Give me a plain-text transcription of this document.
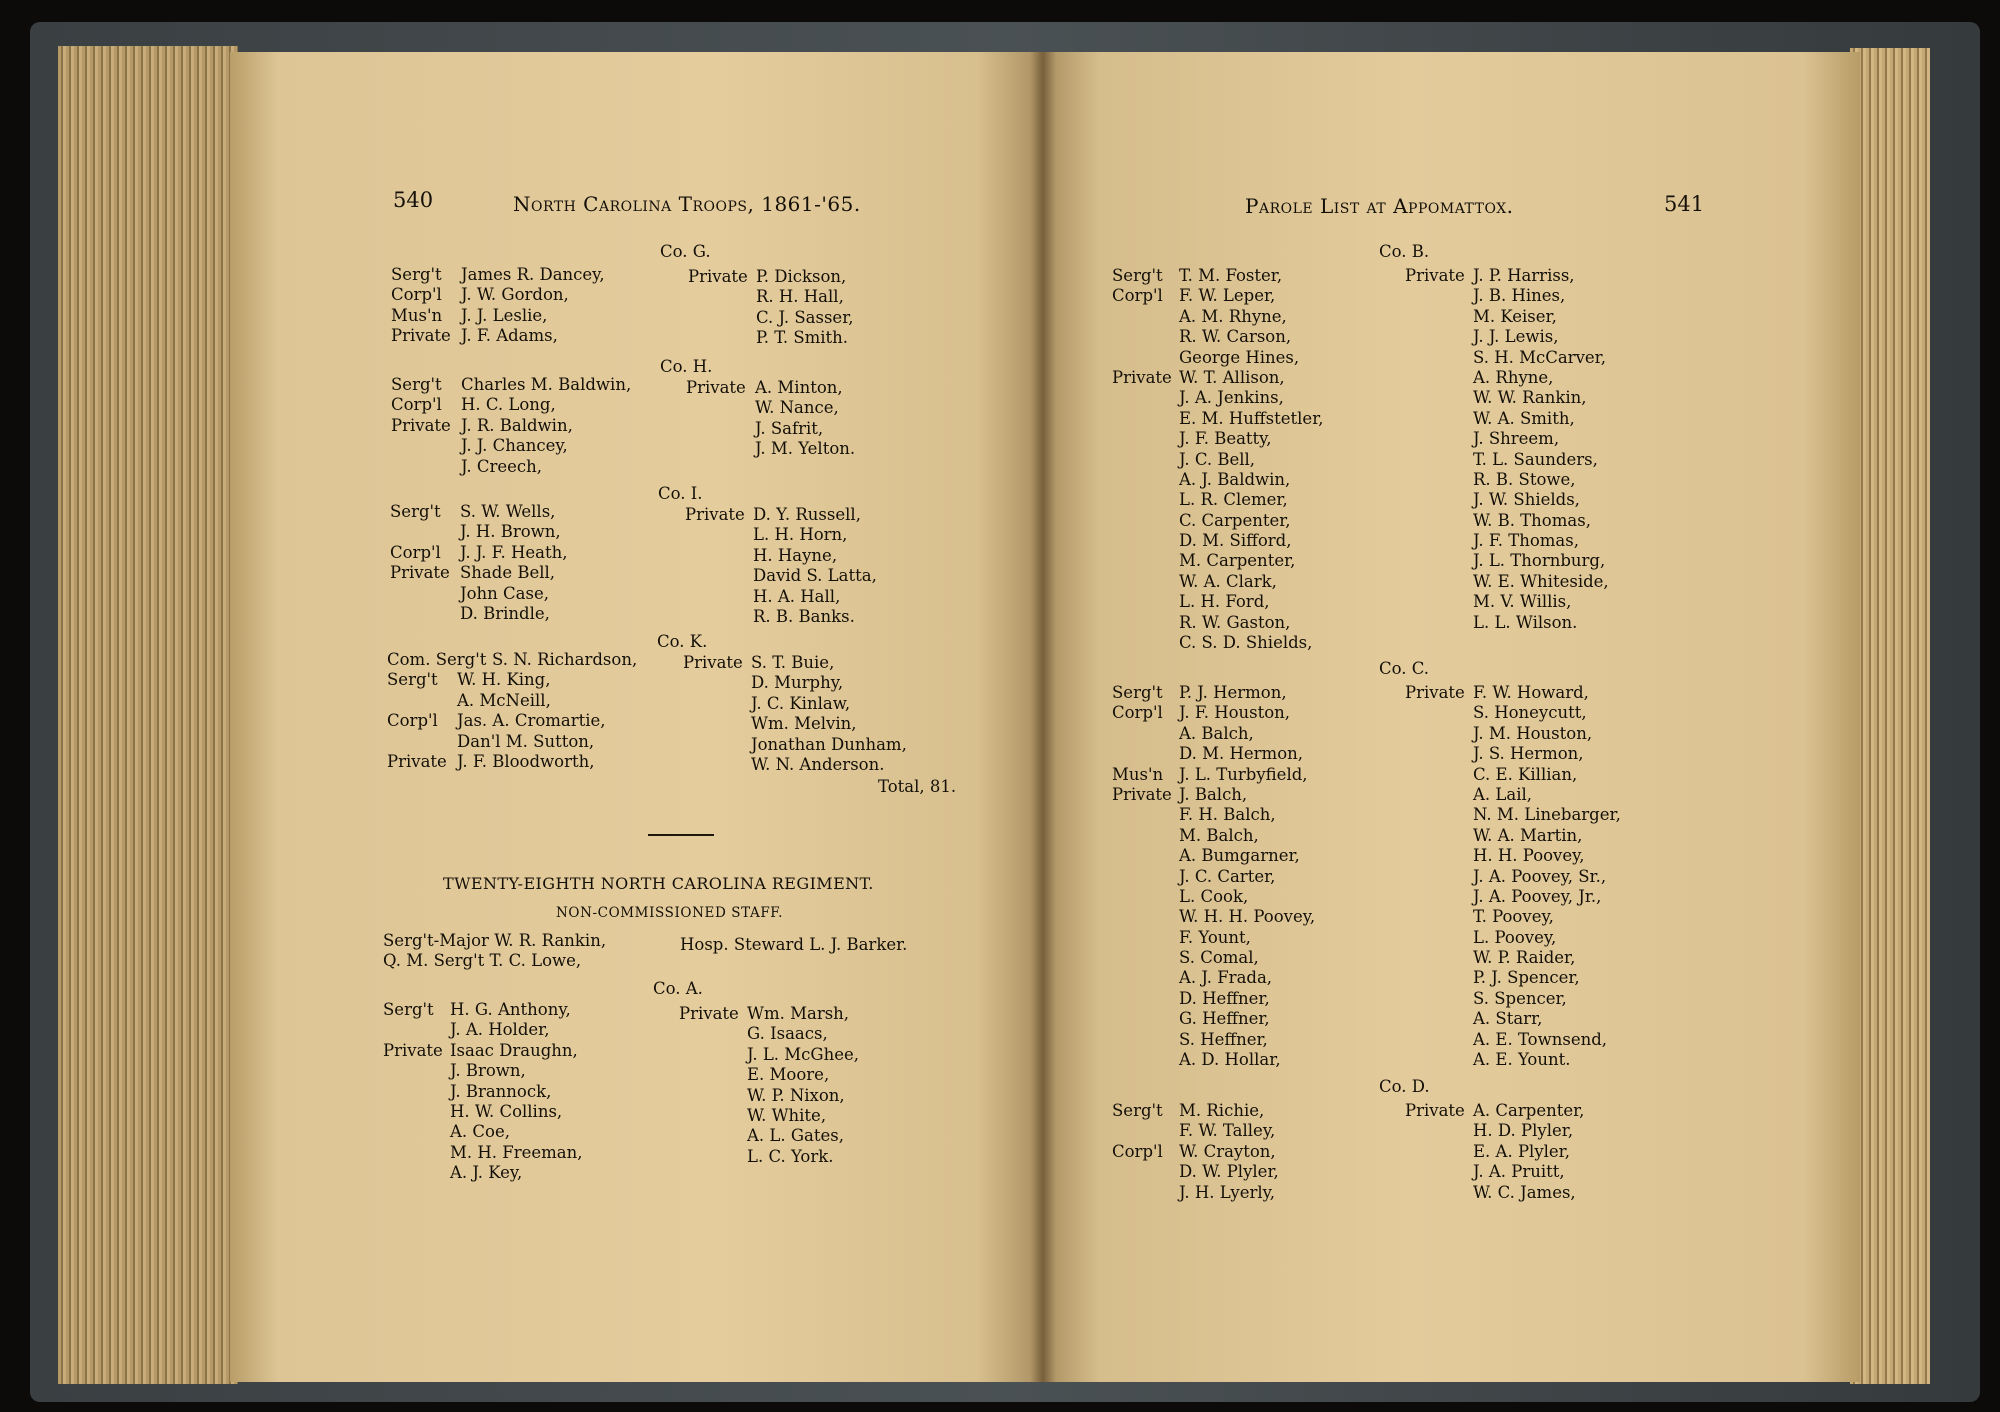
540	North Carolina Troops, 1861-'65.
Co. G.
Serg't James R. Dancey,
Corp'l J. W. Gordon,
Mus'n J. J. Leslie,
Private J. F. Adams,
Private P. Dickson,
R. H. Hall,
C. J. Sasser,
P. T. Smith.
Co. H.
Serg't Charles M. Baldwin,
Corp'l H. C. Long,
Private J. R. Baldwin,
J. J. Chancey,
J. Creech,
Private A. Minton,
W. Nance,
J. Safrit,
J. M. Yelton.
Co. I.
Serg't S. W. Wells,
J. H. Brown,
Corp'l J. J. F. Heath,
Private Shade Bell,
John Case,
D. Brindle,
Private D. Y. Russell,
L. H. Horn,
H. Hayne,
David S. Latta,
H. A. Hall,
R. B. Banks.
Co. K.
Com. Serg't S. N. Richardson,
Serg't W. H. King,
A. McNeill,
Corp'l Jas. A. Cromartie,
Dan'l M. Sutton,
Private J. F. Bloodworth,
Private S. T. Buie,
D. Murphy,
J. C. Kinlaw,
Wm. Melvin,
Jonathan Dunham,
W. N. Anderson.
Total, 81.
TWENTY-EIGHTH NORTH CAROLINA REGIMENT.
NON-COMMISSIONED STAFF.
Serg't-Major W. R. Rankin,
Q. M. Serg't T. C. Lowe,
Hosp. Steward L. J. Barker.
Co. A.
Serg't H. G. Anthony,
J. A. Holder,
Private Isaac Draughn,
J. Brown,
J. Brannock,
H. W. Collins,
A. Coe,
M. H. Freeman,
A. J. Key,
Private Wm. Marsh,
G. Isaacs,
J. L. McGhee,
E. Moore,
W. P. Nixon,
W. White,
A. L. Gates,
L. C. York.
Parole List at Appomattox.	541
Co. B.
Serg't T. M. Foster,
Corp'l F. W. Leper,
A. M. Rhyne,
R. W. Carson,
George Hines,
Private W. T. Allison,
J. A. Jenkins,
E. M. Huffstetler,
J. F. Beatty,
J. C. Bell,
A. J. Baldwin,
L. R. Clemer,
C. Carpenter,
D. M. Sifford,
M. Carpenter,
W. A. Clark,
L. H. Ford,
R. W. Gaston,
C. S. D. Shields,
Private J. P. Harriss,
J. B. Hines,
M. Keiser,
J. J. Lewis,
S. H. McCarver,
A. Rhyne,
W. W. Rankin,
W. A. Smith,
J. Shreem,
T. L. Saunders,
R. B. Stowe,
J. W. Shields,
W. B. Thomas,
J. F. Thomas,
J. L. Thornburg,
W. E. Whiteside,
M. V. Willis,
L. L. Wilson.
Co. C.
Serg't P. J. Hermon,
Corp'l J. F. Houston,
A. Balch,
D. M. Hermon,
Mus'n J. L. Turbyfield,
Private J. Balch,
F. H. Balch,
M. Balch,
A. Bumgarner,
J. C. Carter,
L. Cook,
W. H. H. Poovey,
F. Yount,
S. Comal,
A. J. Frada,
D. Heffner,
G. Heffner,
S. Heffner,
A. D. Hollar,
Private F. W. Howard,
S. Honeycutt,
J. M. Houston,
J. S. Hermon,
C. E. Killian,
A. Lail,
N. M. Linebarger,
W. A. Martin,
H. H. Poovey,
J. A. Poovey, Sr.,
J. A. Poovey, Jr.,
T. Poovey,
L. Poovey,
W. P. Raider,
P. J. Spencer,
S. Spencer,
A. Starr,
A. E. Townsend,
A. E. Yount.
Co. D.
Serg't M. Richie,
F. W. Talley,
Corp'l W. Crayton,
D. W. Plyler,
J. H. Lyerly,
Private A. Carpenter,
H. D. Plyler,
E. A. Plyler,
J. A. Pruitt,
W. C. James,
